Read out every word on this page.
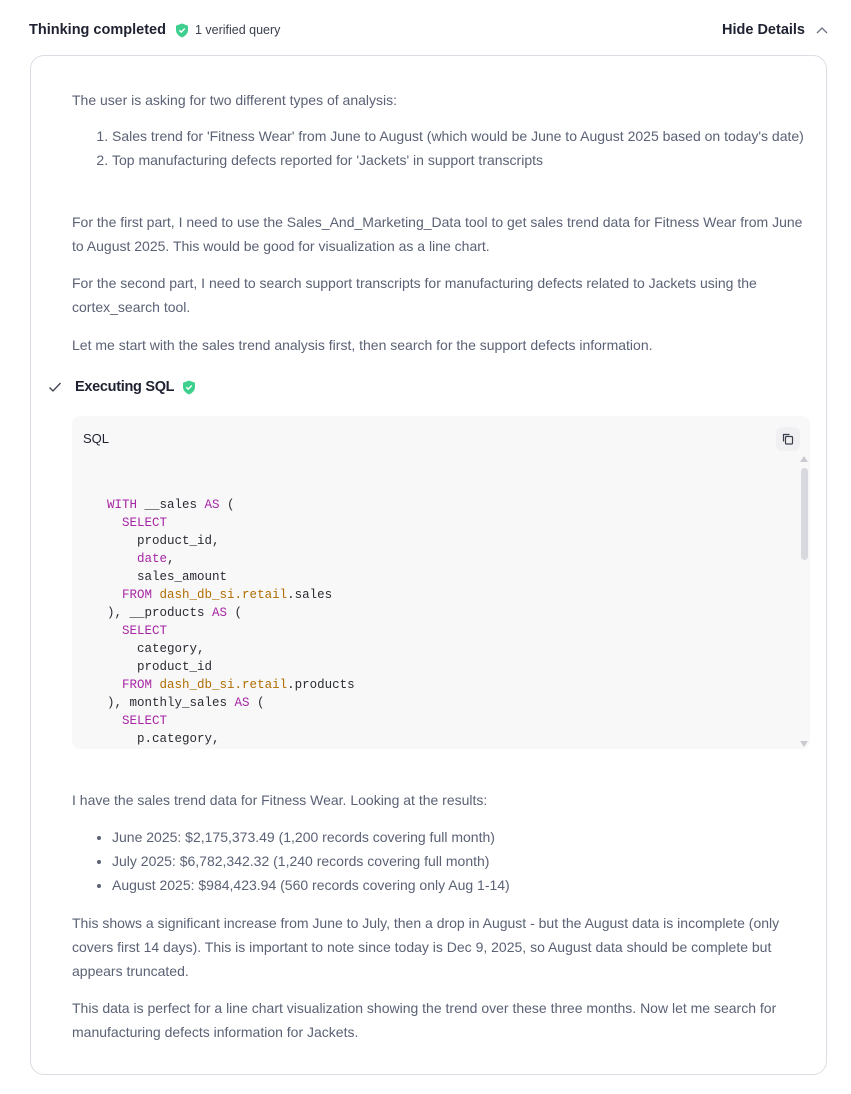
Thinking completed 1 verified query	Hide Details

The user is asking for two different types of analysis:

1. Sales trend for 'Fitness Wear' from June to August (which would be June to August 2025 based on today's date)
2. Top manufacturing defects reported for 'Jackets' in support transcripts

For the first part, I need to use the Sales_And_Marketing_Data tool to get sales trend data for Fitness Wear from June to August 2025. This would be good for visualization as a line chart.

For the second part, I need to search support transcripts for manufacturing defects related to Jackets using the cortex_search tool.

Let me start with the sales trend analysis first, then search for the support defects information.

Executing SQL
SQL
WITH __sales AS (
SELECT
product_id,
date,
sales_amount
FROM dash_db_si.retail.sales
), __products AS (
SELECT
category,
product_id
FROM dash_db_si.retail.products
), monthly_sales AS (
SELECT
p.category,

I have the sales trend data for Fitness Wear. Looking at the results:

• June 2025: $2,175,373.49 (1,200 records covering full month)
• July 2025: $6,782,342.32 (1,240 records covering full month)
• August 2025: $984,423.94 (560 records covering only Aug 1-14)

This shows a significant increase from June to July, then a drop in August - but the August data is incomplete (only covers first 14 days). This is important to note since today is Dec 9, 2025, so August data should be complete but appears truncated.

This data is perfect for a line chart visualization showing the trend over these three months. Now let me search for manufacturing defects information for Jackets.
